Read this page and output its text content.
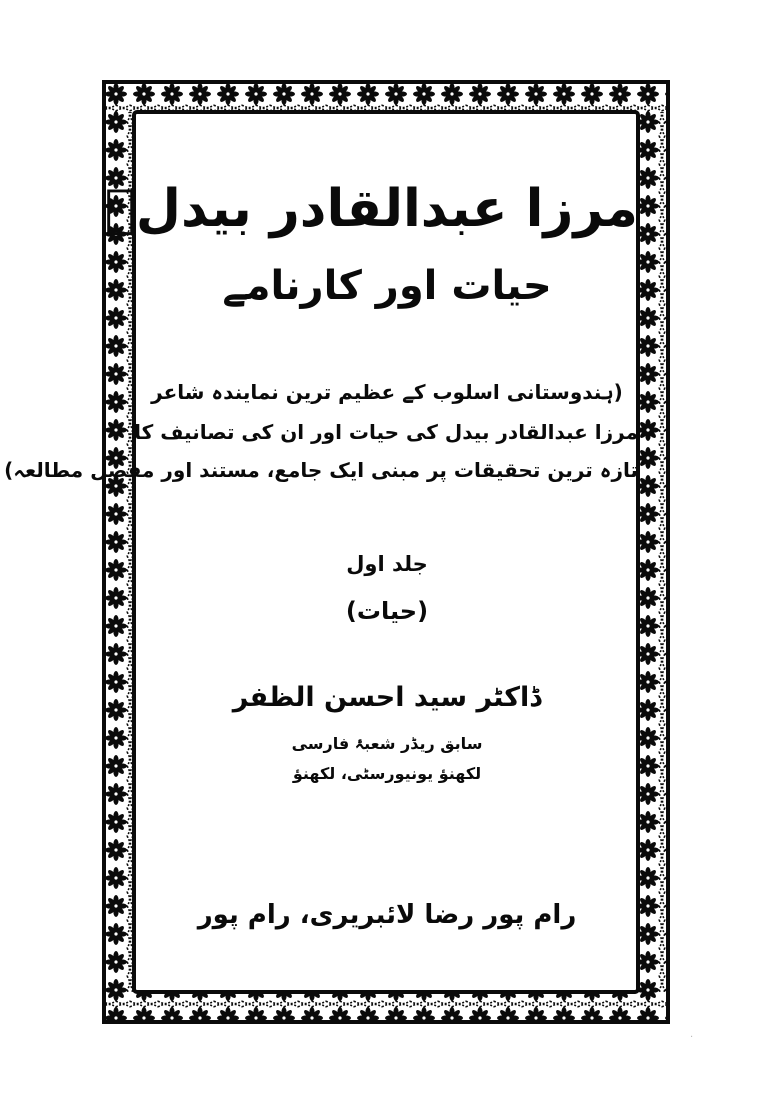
مرزا عبدالقادر بیدلؔ
حیات اور کارنامے
(ہندوستانی اسلوب کے عظیم ترین نمایندہ شاعر
مرزا عبدالقادر بیدل کی حیات اور ان کی تصانیف کا
تازہ ترین تحقیقات پر مبنی ایک جامع، مستند اور مفصل مطالعہ)
جلد اول
(حیات)
ڈاکٹر سید احسن الظفر
سابق ریڈر شعبۂ فارسی
لکھنؤ یونیورسٹی، لکھنؤ
رام پور رضا لائبریری، رام پور
·
